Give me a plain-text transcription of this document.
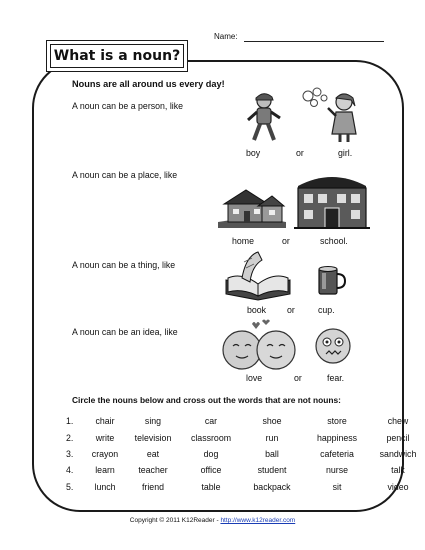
Name:
What is a noun?
Nouns are all around us every day!
A noun can be a person, like
boy	or	girl.
A noun can be a place, like
home	or	school.
A noun can be a thing, like
book or	cup.
A noun can be an idea, like
love	or	fear.
Circle the nouns below and cross out the words that are not nouns:
1.	chair	sing	car	shoe	store	chew
2.	write	television	classroom	run	happiness	pencil
3.	crayon	eat	dog	ball	cafeteria	sandwich
4.	learn	teacher	office	student	nurse	talk
5.	lunch	friend	table	backpack	sit	video
Copyright © 2011 K12Reader - http://www.k12reader.com
